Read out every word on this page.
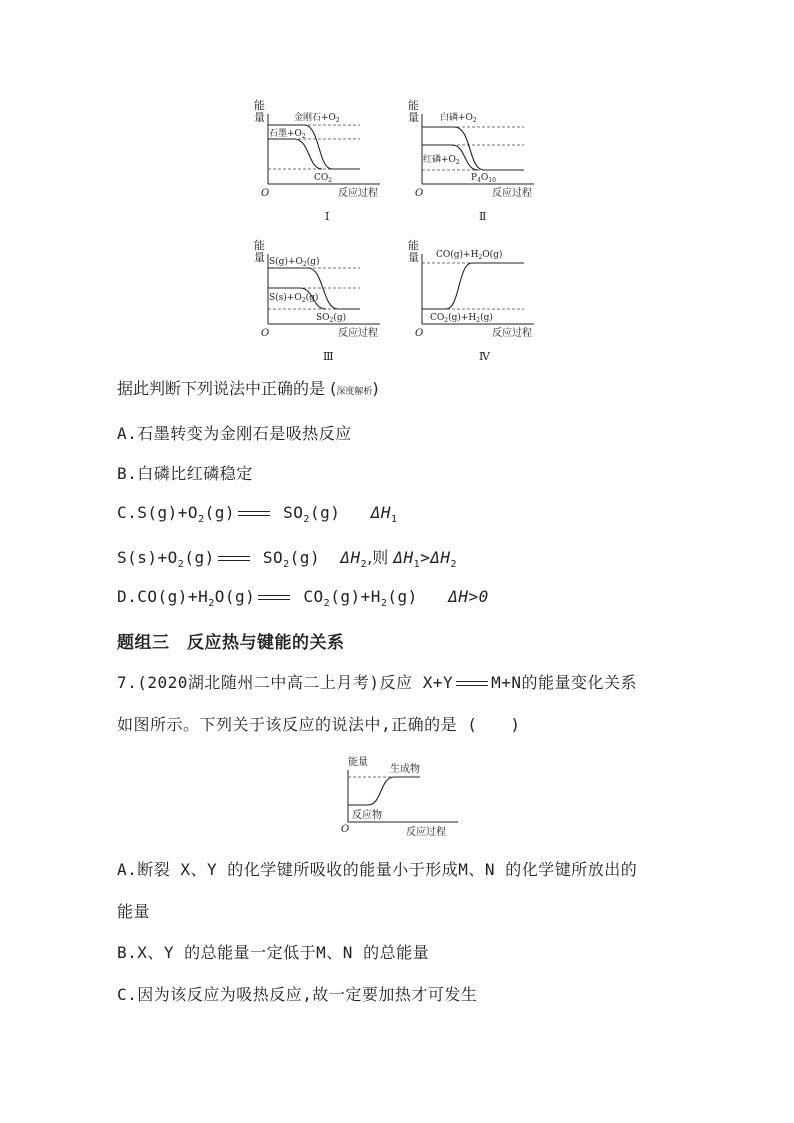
能
量
O	反应过程
金刚石$+O_2$
石墨$+O_2$
$CO_2$
Ⅰ
能
量
O	反应过程
白磷$+O_2$
红磷$+O_2$
$P_4O_{10}$
Ⅱ
能
量
O	反应过程
$S(g)+O_2(g)$
$S(s)+O_2(g)$
$SO_2(g)$
Ⅲ
能
量
O	反应过程
$CO(g)+H_2O(g)$
$CO_2(g)+H_2(g)$
Ⅳ
据此判断下列说法中正确的是 (深度解析)
A.石墨转变为金刚石是吸热反应
B.白磷比红磷稳定
$C.S(g)+O_2(g)$	$SO_2(g)$ $\Delta H_1$
$S(s)+O_2(g)$	$SO_2(g)$ $\Delta H_2$,则 $\Delta H_1>\Delta H_2$
$D.CO(g)+H_2O(g)$	$CO_2(g)+H_2(g)$ ΔH>0
题组三　反应热与键能的关系
7.(2020湖北随州二中高二上月考)反应 X+Y M+N的能量变化关系
如图所示。下列关于该反应的说法中,正确的是 (　　)
能量
O	反应过程
生成物
反应物
A.断裂 X、Y 的化学键所吸收的能量小于形成M、N 的化学键所放出的
能量
B.X、Y 的总能量一定低于M、N 的总能量
C.因为该反应为吸热反应,故一定要加热才可发生
